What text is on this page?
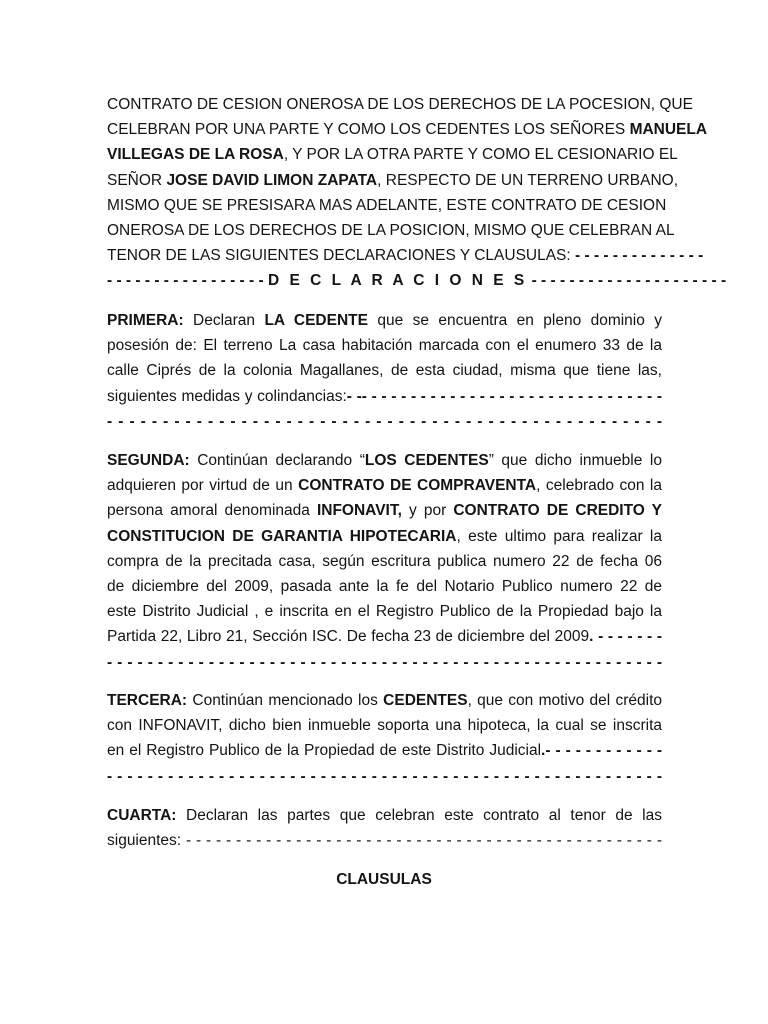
CONTRATO DE CESION ONEROSA DE LOS DERECHOS DE LA POCESION, QUE
CELEBRAN POR UNA PARTE Y COMO LOS CEDENTES LOS SEÑORES MANUELA
VILLEGAS DE LA ROSA, Y POR LA OTRA PARTE Y COMO EL CESIONARIO EL
SEÑOR JOSE DAVID LIMON ZAPATA, RESPECTO DE UN TERRENO URBANO,
MISMO QUE SE PRESISARA MAS ADELANTE, ESTE CONTRATO DE CESION
ONEROSA DE LOS DERECHOS DE LA POSICION, MISMO QUE CELEBRAN AL
TENOR DE LAS SIGUIENTES DECLARACIONES Y CLAUSULAS: - - - - - - - - - - - - - -
- - - - - - - - - - - - - - - - - D E C L A R A C I O N E S - - - - - - - - - - - - - - - - - - - - -
PRIMERA: Declaran LA CEDENTE que se encuentra en pleno dominio y
posesión de: El terreno La casa habitación marcada con el enumero 33 de la
calle Ciprés de la colonia Magallanes, de esta ciudad, misma que tiene las,
siguientes medidas y colindancias:- -- - - - - - - - - - - - - - - - - - - - - - - - - - - - - - -
- - - - - - - - - - - - - - - - - - - - - - - - - - - - - - - - - - - - - - - - - - - - - - - - - -
SEGUNDA: Continúan declarando “LOS CEDENTES” que dicho inmueble lo
adquieren por virtud de un CONTRATO DE COMPRAVENTA, celebrado con la
persona amoral denominada INFONAVIT, y por CONTRATO DE CREDITO Y
CONSTITUCION DE GARANTIA HIPOTECARIA, este ultimo para realizar la
compra de la precitada casa, según escritura publica numero 22 de fecha 06
de diciembre del 2009, pasada ante la fe del Notario Publico numero 22 de
este Distrito Judicial , e inscrita en el Registro Publico de la Propiedad bajo la
Partida 22, Libro 21, Sección ISC. De fecha 23 de diciembre del 2009. - - - - - - -
- - - - - - - - - - - - - - - - - - - - - - - - - - - - - - - - - - - - - - - - - - - - - - - - - - - - - - -
TERCERA: Continúan mencionado los CEDENTES, que con motivo del crédito
con INFONAVIT, dicho bien inmueble soporta una hipoteca, la cual se inscrita
en el Registro Publico de la Propiedad de este Distrito Judicial.- - - - - - - - - - - -
- - - - - - - - - - - - - - - - - - - - - - - - - - - - - - - - - - - - - - - - - - - - - - - - - - - - - - -
CUARTA: Declaran las partes que celebran este contrato al tenor de las
siguientes: - - - - - - - - - - - - - - - - - - - - - - - - - - - - - - - - - - - - - - - - - - - - - - - -
CLAUSULAS
